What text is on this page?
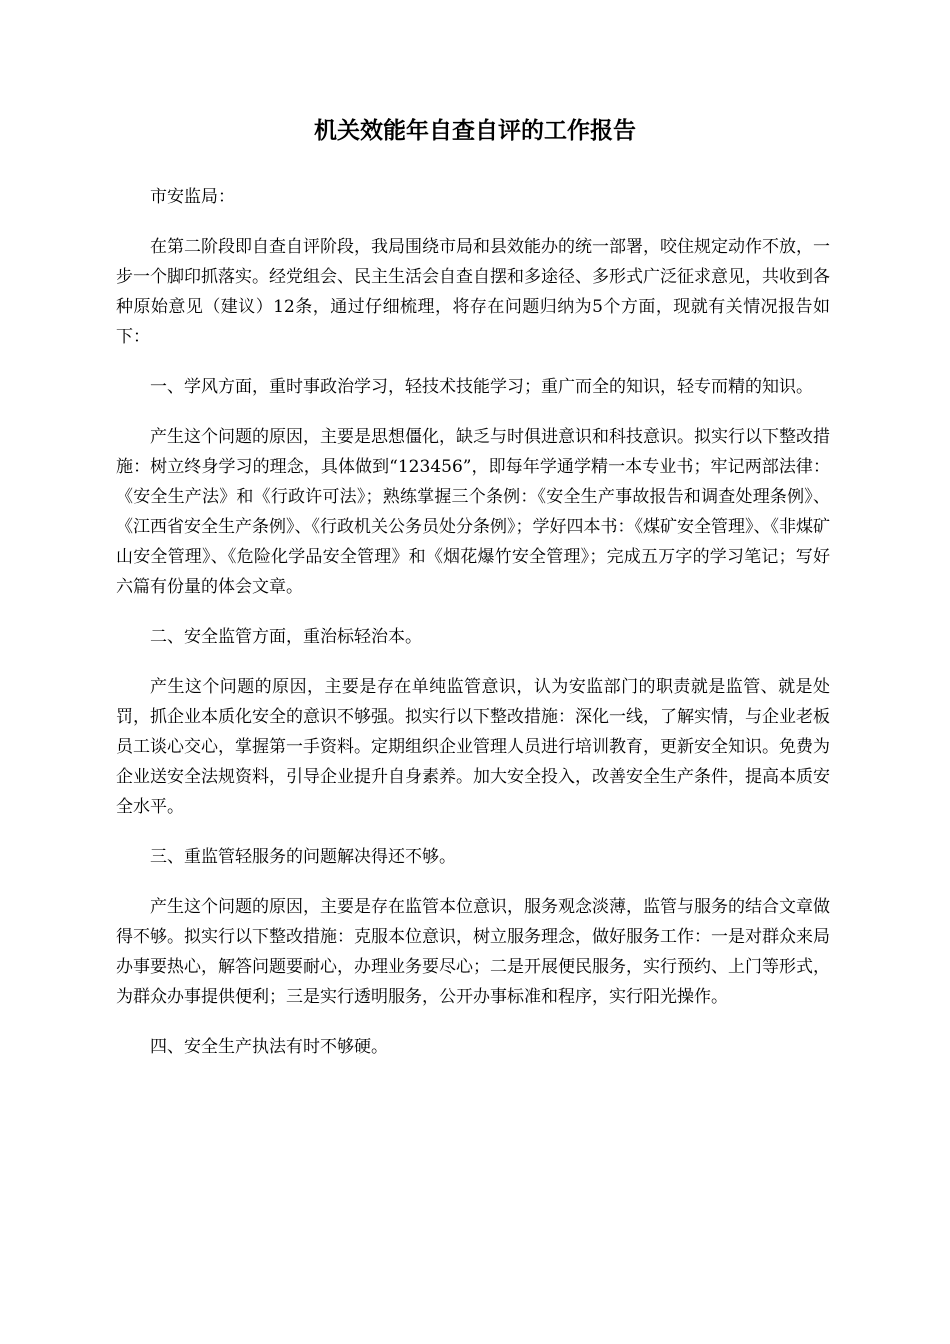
机关效能年自查自评的工作报告

市安监局：

在第二阶段即自查自评阶段，我局围绕市局和县效能办的统一部署，咬住规定动作不放，一步一个脚印抓落实。经党组会、民主生活会自查自摆和多途径、多形式广泛征求意见，共收到各种原始意见（建议）12条，通过仔细梳理，将存在问题归纳为5个方面，现就有关情况报告如下：

一、学风方面，重时事政治学习，轻技术技能学习；重广而全的知识，轻专而精的知识。

产生这个问题的原因，主要是思想僵化，缺乏与时俱进意识和科技意识。拟实行以下整改措施：树立终身学习的理念，具体做到“123456”，即每年学通学精一本专业书；牢记两部法律：《安全生产法》和《行政许可法》；熟练掌握三个条例：《安全生产事故报告和调查处理条例》、《江西省安全生产条例》、《行政机关公务员处分条例》；学好四本书：《煤矿安全管理》、《非煤矿山安全管理》、《危险化学品安全管理》和《烟花爆竹安全管理》；完成五万字的学习笔记；写好六篇有份量的体会文章。

二、安全监管方面，重治标轻治本。

产生这个问题的原因，主要是存在单纯监管意识，认为安监部门的职责就是监管、就是处罚，抓企业本质化安全的意识不够强。拟实行以下整改措施：深化一线，了解实情，与企业老板员工谈心交心，掌握第一手资料。定期组织企业管理人员进行培训教育，更新安全知识。免费为企业送安全法规资料，引导企业提升自身素养。加大安全投入，改善安全生产条件，提高本质安全水平。

三、重监管轻服务的问题解决得还不够。

产生这个问题的原因，主要是存在监管本位意识，服务观念淡薄，监管与服务的结合文章做得不够。拟实行以下整改措施：克服本位意识，树立服务理念，做好服务工作：一是对群众来局办事要热心，解答问题要耐心，办理业务要尽心；二是开展便民服务，实行预约、上门等形式，为群众办事提供便利；三是实行透明服务，公开办事标准和程序，实行阳光操作。

四、安全生产执法有时不够硬。
